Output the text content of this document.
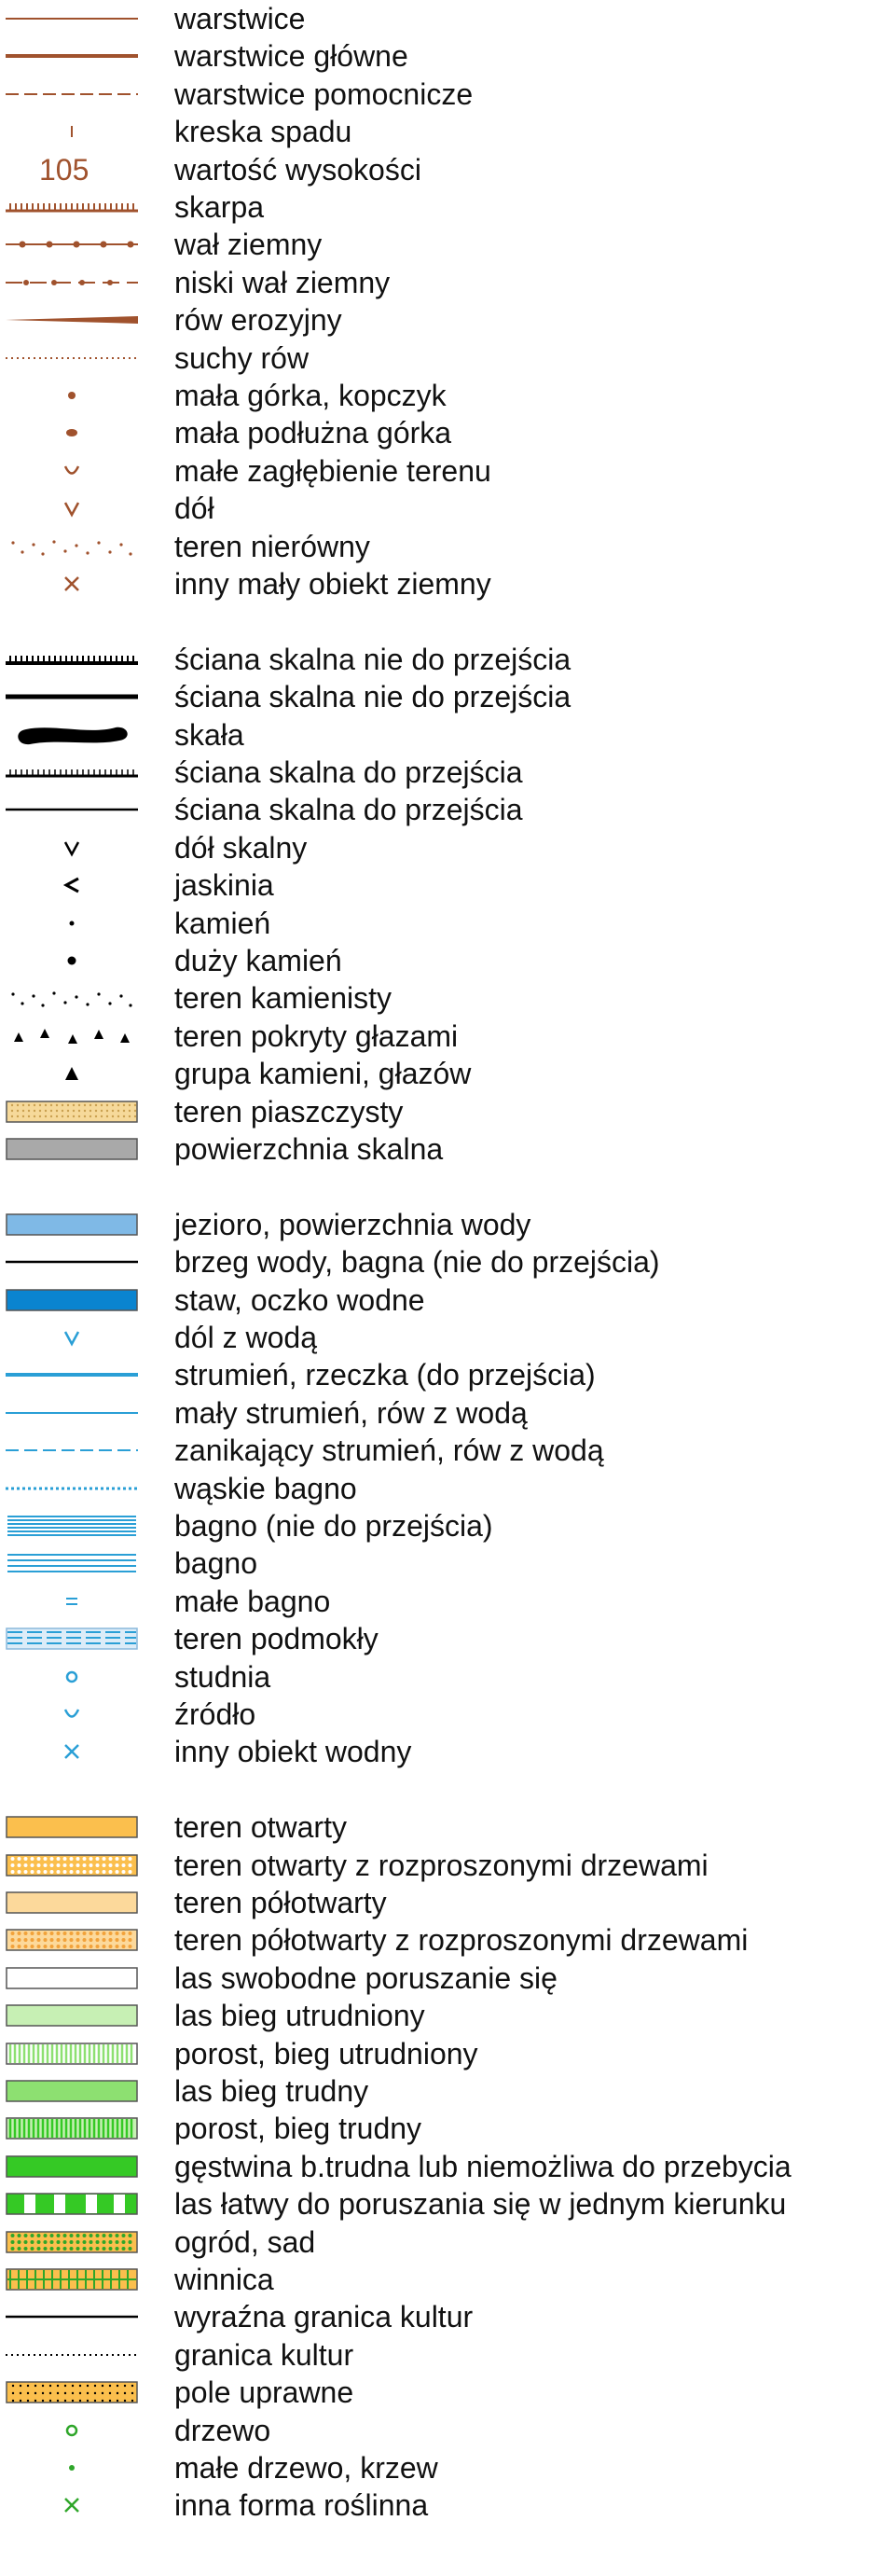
warstwice
warstwice główne
warstwice pomocnicze
kreska spadu
105	wartość wysokości
skarpa
wał ziemny
niski wał ziemny
rów erozyjny
suchy rów
mała górka, kopczyk
mała podłużna górka
małe zagłębienie terenu
dół
teren nierówny
inny mały obiekt ziemny
ściana skalna nie do przejścia
ściana skalna nie do przejścia
skała
ściana skalna do przejścia
ściana skalna do przejścia
dół skalny
jaskinia
kamień
duży kamień
teren kamienisty
teren pokryty głazami
grupa kamieni, głazów
teren piaszczysty
powierzchnia skalna
jezioro, powierzchnia wody
brzeg wody, bagna (nie do przejścia)
staw, oczko wodne
dól z wodą
strumień, rzeczka (do przejścia)
mały strumień, rów z wodą
zanikający strumień, rów z wodą
wąskie bagno
bagno (nie do przejścia)
bagno
małe bagno
teren podmokły
studnia
źródło
inny obiekt wodny
teren otwarty
teren otwarty z rozproszonymi drzewami
teren półotwarty
teren półotwarty z rozproszonymi drzewami
las swobodne poruszanie się
las bieg utrudniony
porost, bieg utrudniony
las bieg trudny
porost, bieg trudny
gęstwina b.trudna lub niemożliwa do przebycia
las łatwy do poruszania się w jednym kierunku
ogród, sad
winnica
wyraźna granica kultur
granica kultur
pole uprawne
drzewo
małe drzewo, krzew
inna forma roślinna
